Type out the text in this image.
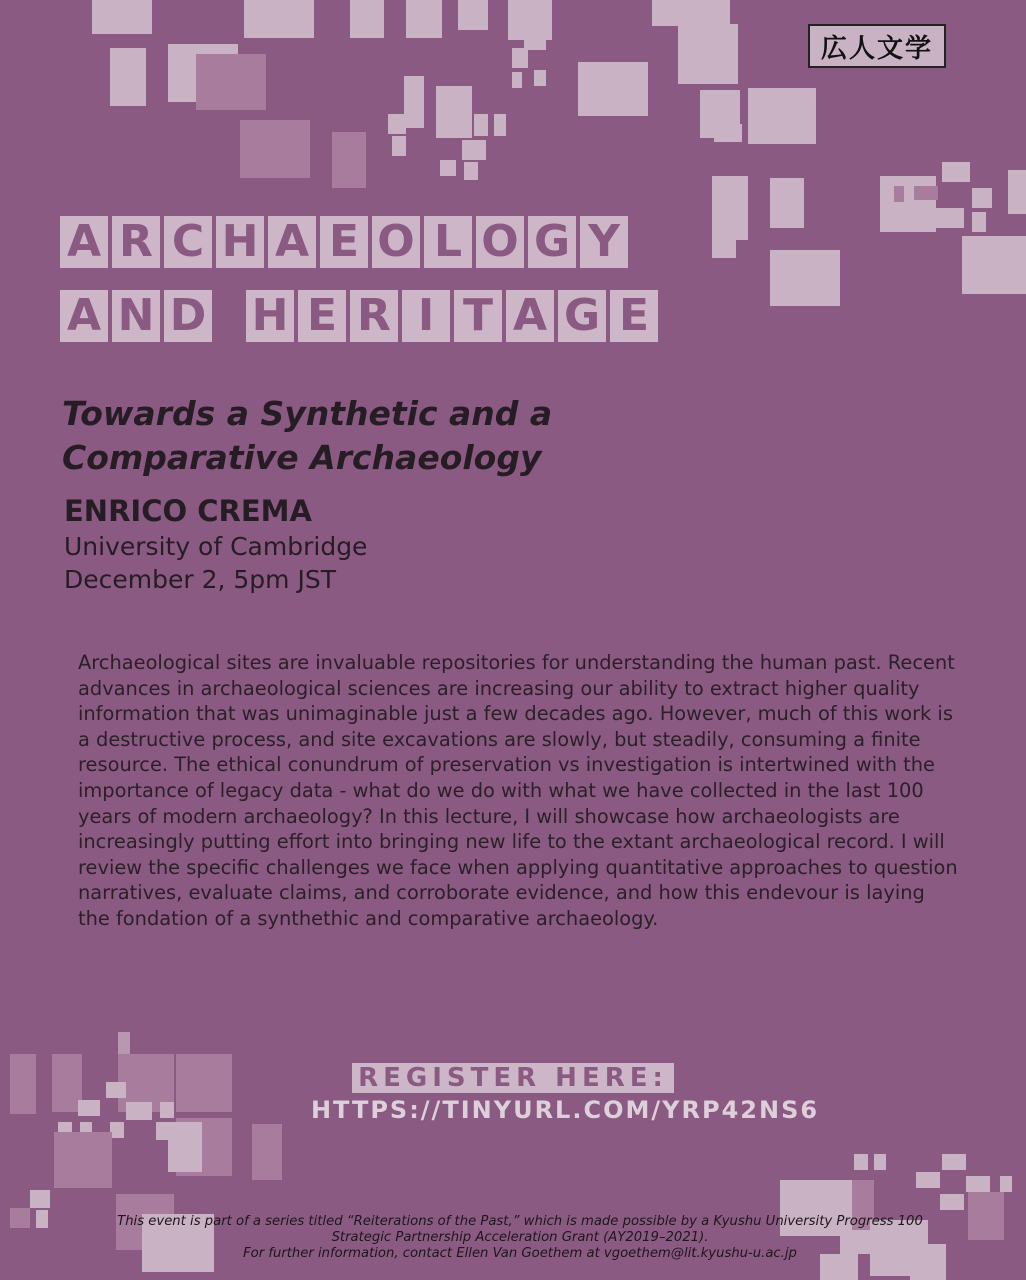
広人文学
A R C H A E O L O G Y
A N D H E R I T A G E
Towards a Synthetic and a Comparative Archaeology
ENRICO CREMA
University of Cambridge
December 2, 5pm JST
Archaeological sites are invaluable repositories for understanding the human past. Recent advances in archaeological sciences are increasing our ability to extract higher quality information that was unimaginable just a few decades ago. However, much of this work is a destructive process, and site excavations are slowly, but steadily, consuming a finite resource. The ethical conundrum of preservation vs investigation is intertwined with the importance of legacy data - what do we do with what we have collected in the last 100 years of modern archaeology? In this lecture, I will showcase how archaeologists are increasingly putting effort into bringing new life to the extant archaeological record. I will review the specific challenges we face when applying quantitative approaches to question narratives, evaluate claims, and corroborate evidence, and how this endevour is laying the fondation of a synthethic and comparative archaeology.
REGISTER HERE:
HTTPS://TINYURL.COM/YRP42NS6
This event is part of a series titled “Reiterations of the Past,” which is made possible by a Kyushu University Progress 100
Strategic Partnership Acceleration Grant (AY2019–2021).
For further information, contact Ellen Van Goethem at vgoethem@lit.kyushu-u.ac.jp
